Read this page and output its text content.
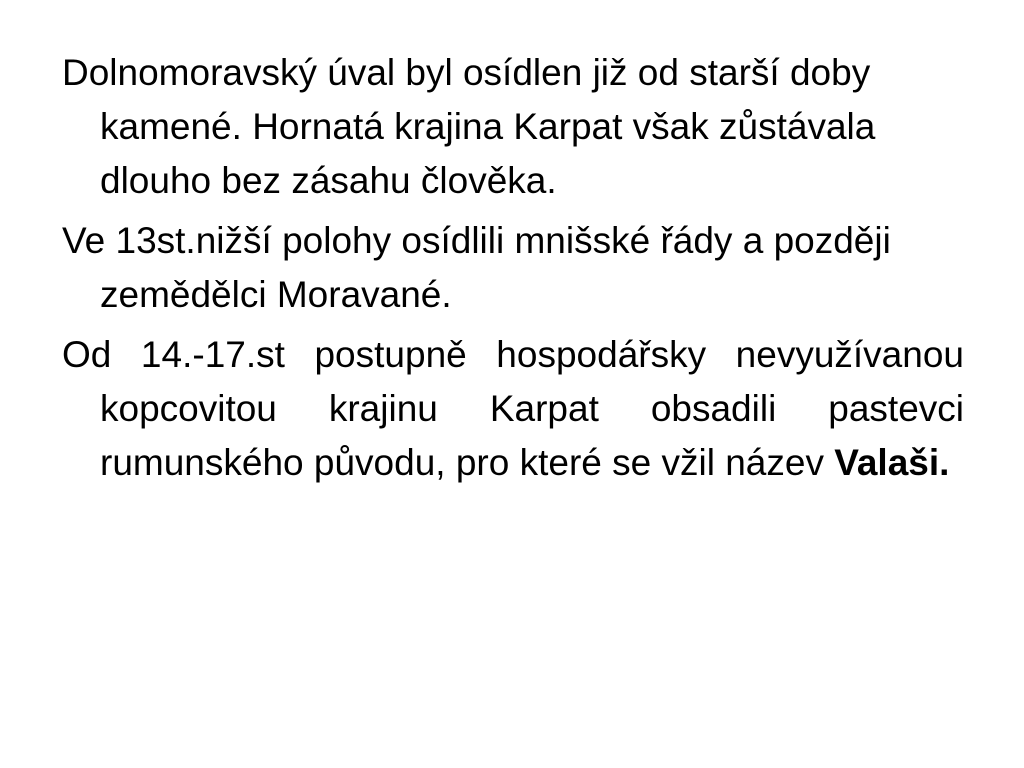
Dolnomoravský úval byl osídlen již od starší doby kamené. Hornatá krajina Karpat však zůstávala dlouho bez zásahu člověka.

Ve 13st.nižší polohy osídlili mnišské řády a později zemědělci Moravané.

Od 14.-17.st postupně hospodářsky nevyužívanou kopcovitou krajinu Karpat obsadili pastevci rumunského původu, pro které se vžil název Valaši.
